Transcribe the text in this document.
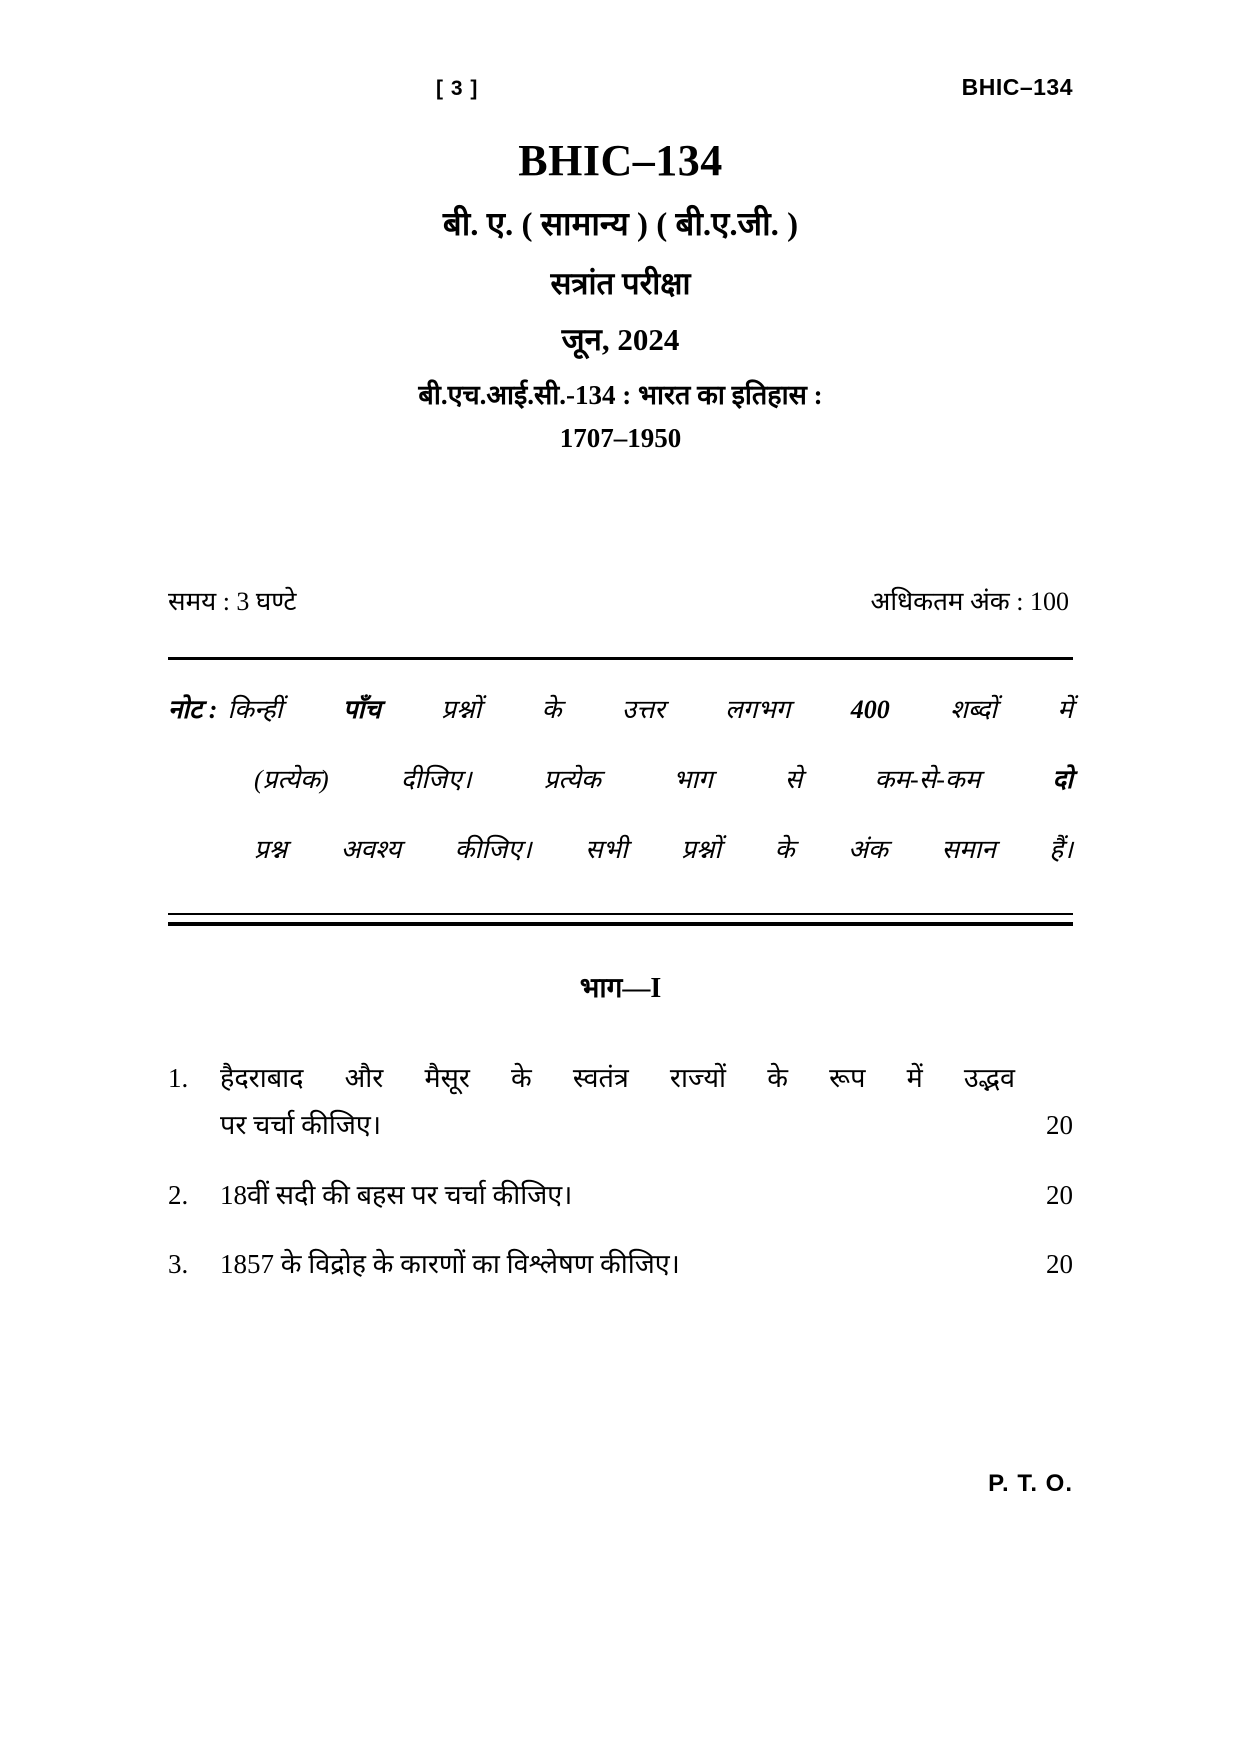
[ 3 ]	BHIC–134
BHIC–134
बी. ए. ( सामान्य ) ( बी.ए.जी. )
सत्रांत परीक्षा
जून, 2024
बी.एच.आई.सी.-134 : भारत का इतिहास :
1707–1950
समय : 3 घण्टे	अधिकतम अंक : 100
नोट : किन्हीं पाँच प्रश्नों के उत्तर लगभग 400 शब्दों में
(प्रत्येक) दीजिए। प्रत्येक भाग से कम-से-कम दो
प्रश्न अवश्य कीजिए। सभी प्रश्नों के अंक समान हैं।
भाग—I
1.	हैदराबाद और मैसूर के स्वतंत्र राज्यों के रूप में उद्भव
पर चर्चा कीजिए।	20
2.	18वीं सदी की बहस पर चर्चा कीजिए।	20
3.	1857 के विद्रोह के कारणों का विश्लेषण कीजिए।	20
P. T. O.
